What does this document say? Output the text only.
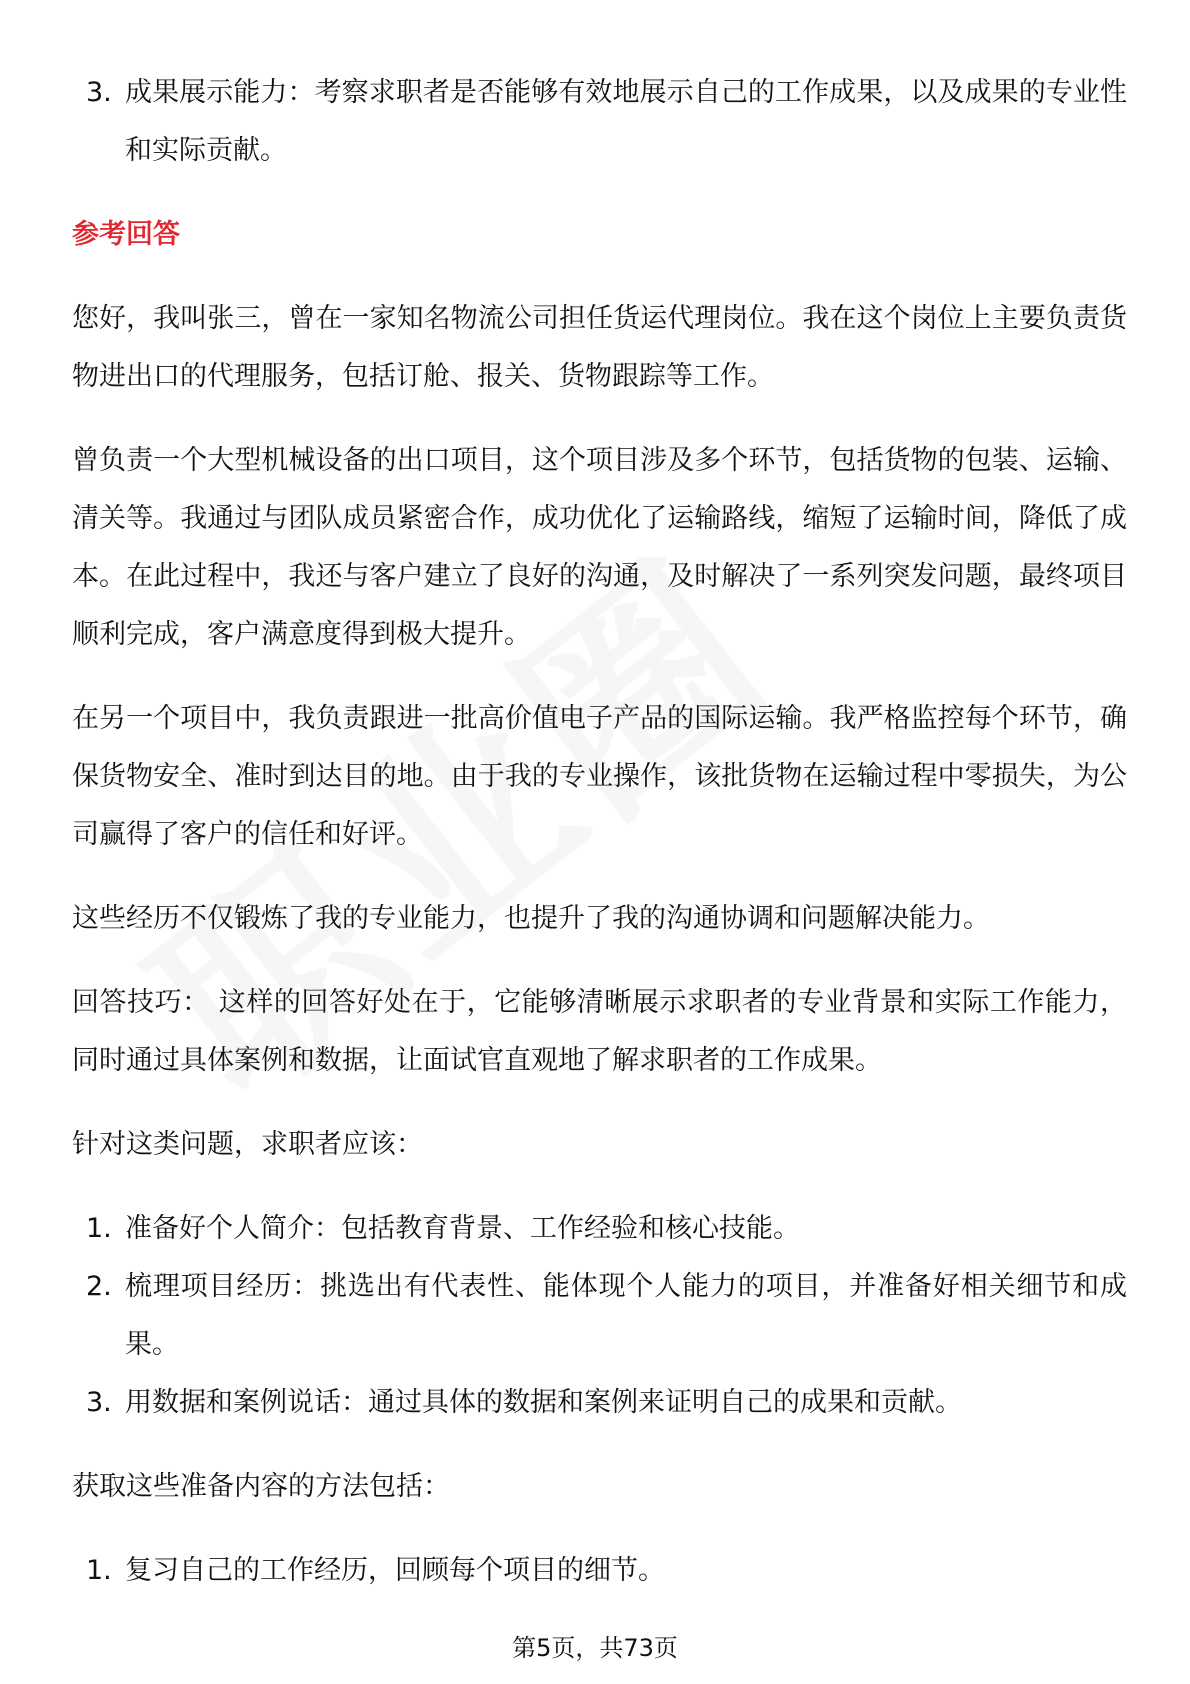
3. 成果展示能力：考察求职者是否能够有效地展示自己的工作成果，以及成果的专业性和实际贡献。
参考回答

您好，我叫张三，曾在一家知名物流公司担任货运代理岗位。我在这个岗位上主要负责货物进出口的代理服务，包括订舱、报关、货物跟踪等工作。

曾负责一个大型机械设备的出口项目，这个项目涉及多个环节，包括货物的包装、运输、清关等。我通过与团队成员紧密合作，成功优化了运输路线，缩短了运输时间，降低了成本。在此过程中，我还与客户建立了良好的沟通，及时解决了一系列突发问题，最终项目顺利完成，客户满意度得到极大提升。

在另一个项目中，我负责跟进一批高价值电子产品的国际运输。我严格监控每个环节，确保货物安全、准时到达目的地。由于我的专业操作，该批货物在运输过程中零损失，为公司赢得了客户的信任和好评。

这些经历不仅锻炼了我的专业能力，也提升了我的沟通协调和问题解决能力。

回答技巧： 这样的回答好处在于，它能够清晰展示求职者的专业背景和实际工作能力，同时通过具体案例和数据，让面试官直观地了解求职者的工作成果。

针对这类问题，求职者应该：

1. 准备好个人简介：包括教育背景、工作经验和核心技能。
2. 梳理项目经历：挑选出有代表性、能体现个人能力的项目，并准备好相关细节和成果。
3. 用数据和案例说话：通过具体的数据和案例来证明自己的成果和贡献。

获取这些准备内容的方法包括：

1. 复习自己的工作经历，回顾每个项目的细节。
第5页，共73页
